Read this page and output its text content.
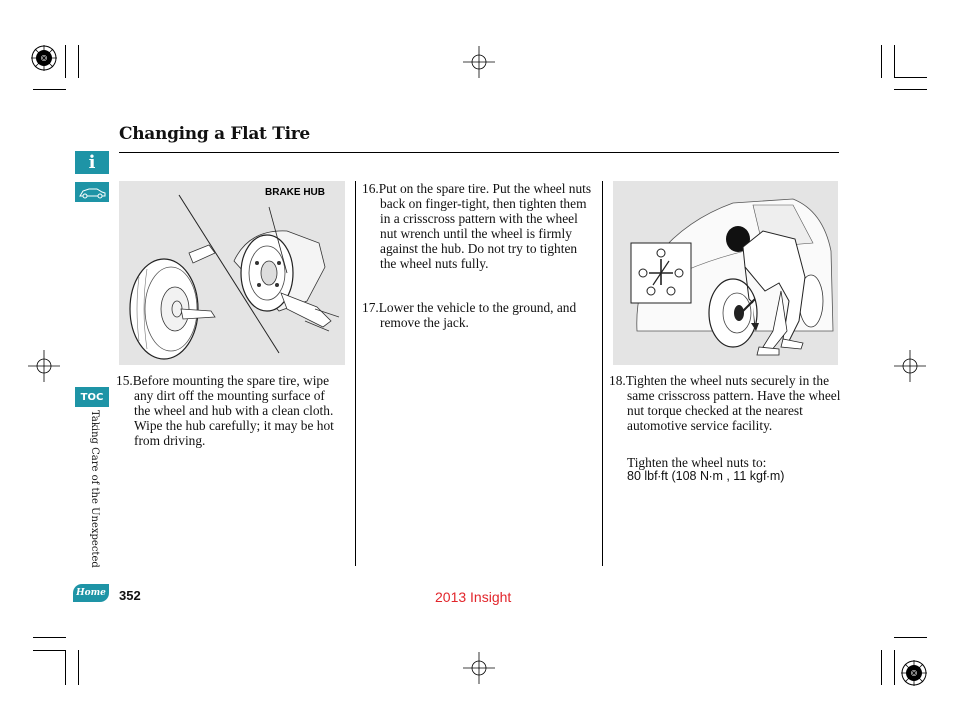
Changing a Flat Tire
i
TOC
Taking Care of the Unexpected
Home
BRAKE HUB

15.Before mounting the spare tire, wipe any dirt off the mounting surface of the wheel and hub with a clean cloth. Wipe the hub carefully; it may be hot from driving.

16.Put on the spare tire. Put the wheel nuts back on finger-tight, then tighten them in a crisscross pattern with the wheel nut wrench until the wheel is firmly against the hub. Do not try to tighten the wheel nuts fully.

17.Lower the vehicle to the ground, and remove the jack.

18.Tighten the wheel nuts securely in the same crisscross pattern. Have the wheel nut torque checked at the nearest automotive service facility.

Tighten the wheel nuts to:
80 lbf∙ft (108 N∙m , 11 kgf∙m)
352	2013 Insight
